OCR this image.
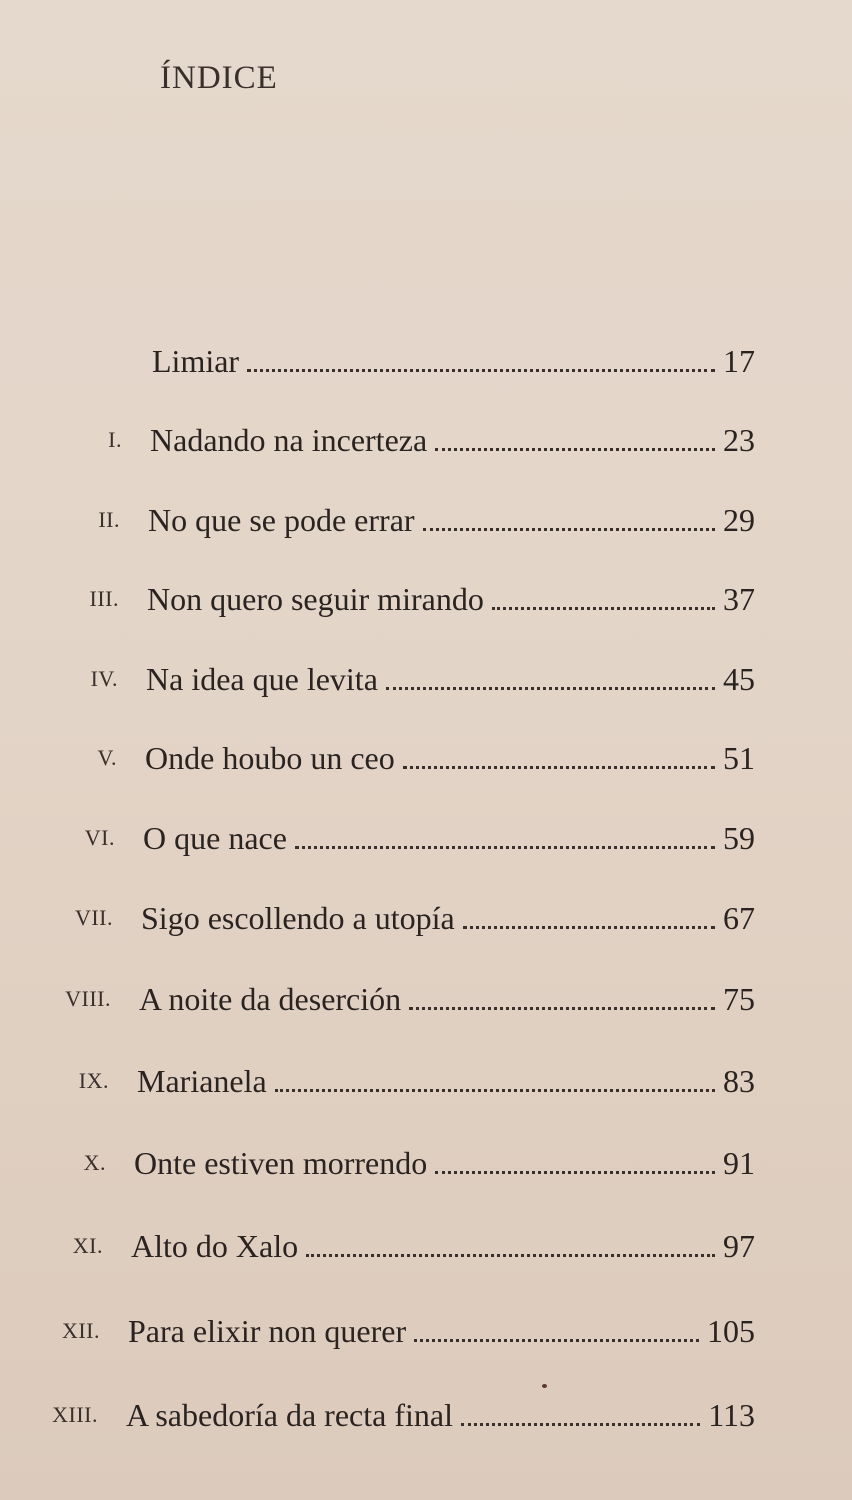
ÍNDICE
Limiar	17
I. Nadando na incerteza	23
II. No que se pode errar	29
III. Non quero seguir mirando	37
IV. Na idea que levita	45
V. Onde houbo un ceo	51
VI. O que nace	59
VII. Sigo escollendo a utopía	67
VIII. A noite da deserción	75
IX. Marianela	83
X. Onte estiven morrendo	91
XI. Alto do Xalo	97
XII. Para elixir non querer	105
XIII. A sabedoría da recta final	113
